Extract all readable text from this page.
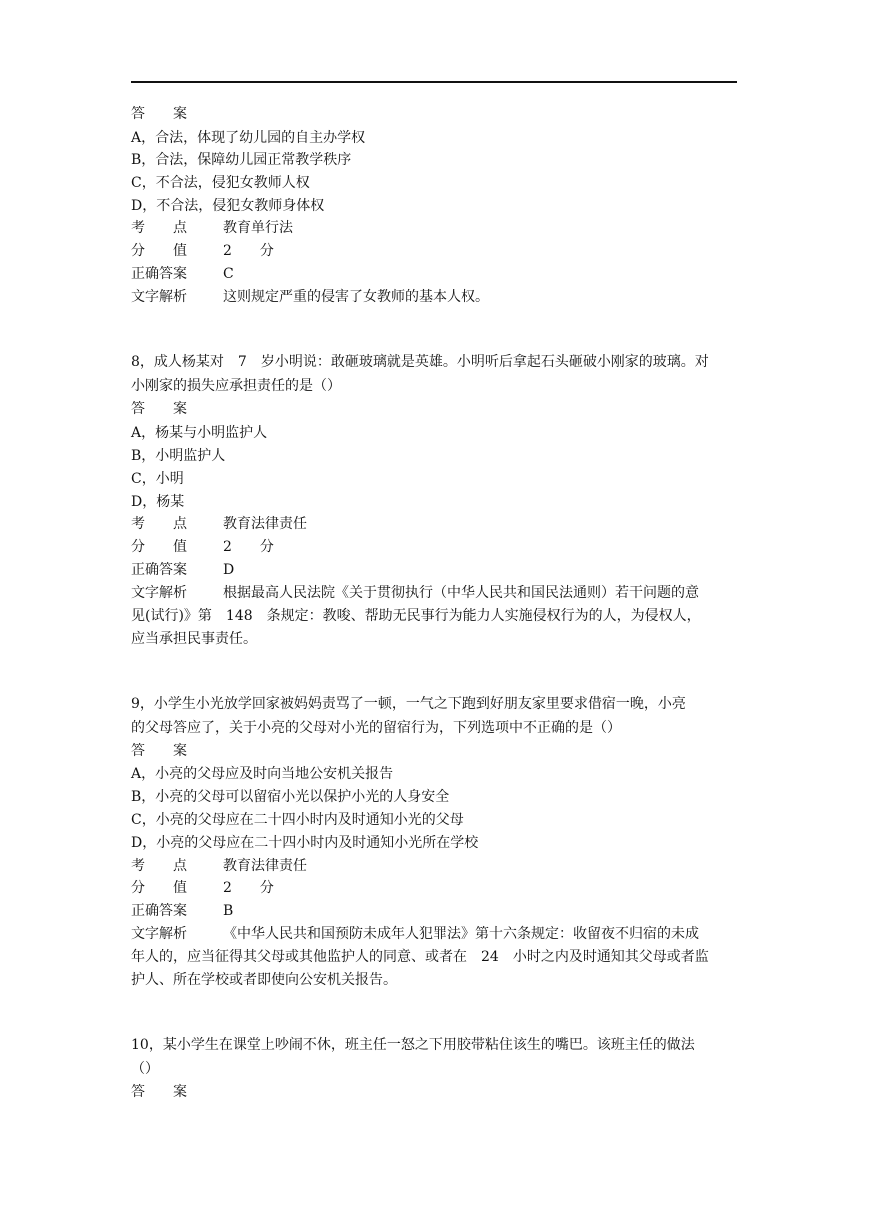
答　　案
A，合法，体现了幼儿园的自主办学权
B，合法，保障幼儿园正常教学秩序
C，不合法，侵犯女教师人权
D，不合法，侵犯女教师身体权
考　　点	教育单行法
分　　值	2　　分
正确答案	C
文字解析	这则规定严重的侵害了女教师的基本人权。
8，成人杨某对　7　岁小明说：敢砸玻璃就是英雄。小明听后拿起石头砸破小刚家的玻璃。对
小刚家的损失应承担责任的是（）
答　　案
A，杨某与小明监护人
B，小明监护人
C，小明
D，杨某
考　　点	教育法律责任
分　　值	2　　分
正确答案	D
文字解析	根据最高人民法院《关于贯彻执行（中华人民共和国民法通则）若干问题的意
见(试行)》第　148　条规定：教唆、帮助无民事行为能力人实施侵权行为的人，为侵权人，
应当承担民事责任。
9，小学生小光放学回家被妈妈责骂了一顿，一气之下跑到好朋友家里要求借宿一晚，小亮
的父母答应了，关于小亮的父母对小光的留宿行为，下列选项中不正确的是（）
答　　案
A，小亮的父母应及时向当地公安机关报告
B，小亮的父母可以留宿小光以保护小光的人身安全
C，小亮的父母应在二十四小时内及时通知小光的父母
D，小亮的父母应在二十四小时内及时通知小光所在学校
考　　点	教育法律责任
分　　值	2　　分
正确答案	B
文字解析	《中华人民共和国预防未成年人犯罪法》第十六条规定：收留夜不归宿的未成
年人的，应当征得其父母或其他监护人的同意、或者在　24　小时之内及时通知其父母或者监
护人、所在学校或者即使向公安机关报告。
10，某小学生在课堂上吵闹不休，班主任一怒之下用胶带粘住该生的嘴巴。该班主任的做法
（）
答　　案
